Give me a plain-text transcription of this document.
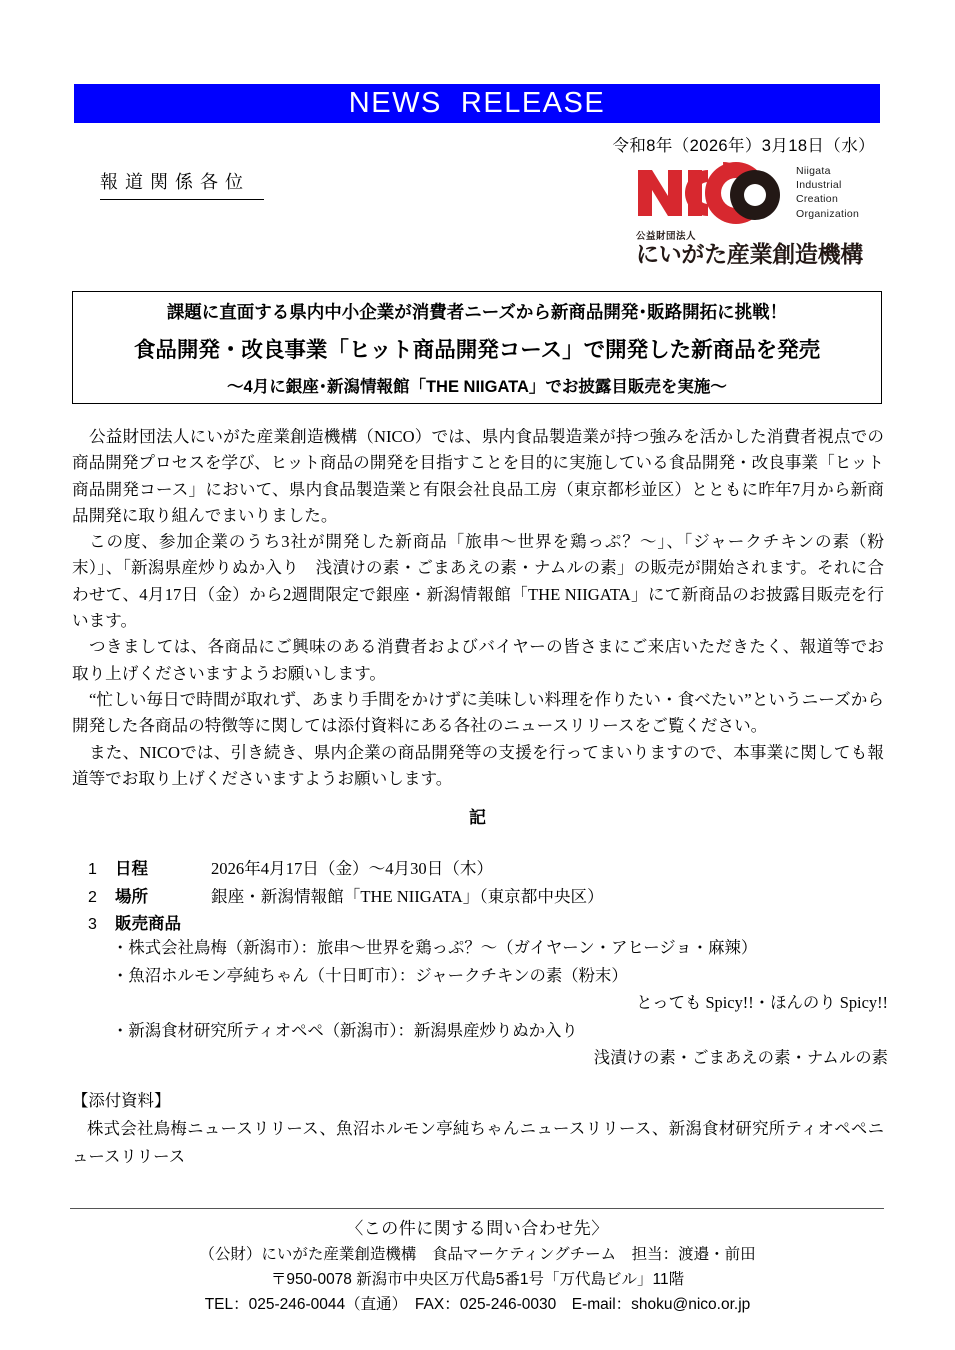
NEWS  RELEASE
令和8年（2026年）3月18日（水）
報道関係各位
Niigata
Industrial
Creation
Organization
公益財団法人
にいがた産業創造機構
課題に直面する県内中小企業が消費者ニーズから新商品開発･販路開拓に挑戦！
食品開発・改良事業「ヒット商品開発コース」で開発した新商品を発売
〜4月に銀座･新潟情報館「THE NIIGATA」でお披露目販売を実施〜

公益財団法人にいがた産業創造機構（NICO）では、県内食品製造業が持つ強みを活かした消費者視点での商品開発プロセスを学び、ヒット商品の開発を目指すことを目的に実施している食品開発・改良事業「ヒット商品開発コース」において、県内食品製造業と有限会社良品工房（東京都杉並区）とともに昨年7月から新商品開発に取り組んでまいりました。

この度、参加企業のうち3社が開発した新商品「旅串〜世界を鶏っぷ？〜」、「ジャークチキンの素（粉末）」、「新潟県産炒りぬか入り　浅漬けの素・ごまあえの素・ナムルの素」の販売が開始されます。それに合わせて、4月17日（金）から2週間限定で銀座・新潟情報館「THE NIIGATA」にて新商品のお披露目販売を行います。

つきましては、各商品にご興味のある消費者およびバイヤーの皆さまにご来店いただきたく、報道等でお取り上げくださいますようお願いします。

“忙しい毎日で時間が取れず、あまり手間をかけずに美味しい料理を作りたい・食べたい”というニーズから開発した各商品の特徴等に関しては添付資料にある各社のニュースリリースをご覧ください。

また、NICOでは、引き続き、県内企業の商品開発等の支援を行ってまいりますので、本事業に関しても報道等でお取り上げくださいますようお願いします。

記
1	日程	2026年4月17日（金）〜4月30日（木）
2	場所	銀座・新潟情報館「THE NIIGATA」（東京都中央区）
3	販売商品
・株式会社鳥梅（新潟市）：旅串〜世界を鶏っぷ？〜（ガイヤーン・アヒージョ・麻辣）
・魚沼ホルモン亭純ちゃん（十日町市）：ジャークチキンの素（粉末）
とっても Spicy!!・ほんのり Spicy!!
・新潟食材研究所ティオペペ（新潟市）：新潟県産炒りぬか入り
浅漬けの素・ごまあえの素・ナムルの素

【添付資料】

株式会社鳥梅ニュースリリース、魚沼ホルモン亭純ちゃんニュースリリース、新潟食材研究所ティオペペニュースリリース

〈この件に関する問い合わせ先〉
（公財）にいがた産業創造機構　食品マーケティングチーム　担当：渡邉・前田
〒950-0078 新潟市中央区万代島5番1号「万代島ビル」11階
TEL：025-246-0044（直通）　FAX：025-246-0030　E-mail：shoku@nico.or.jp
